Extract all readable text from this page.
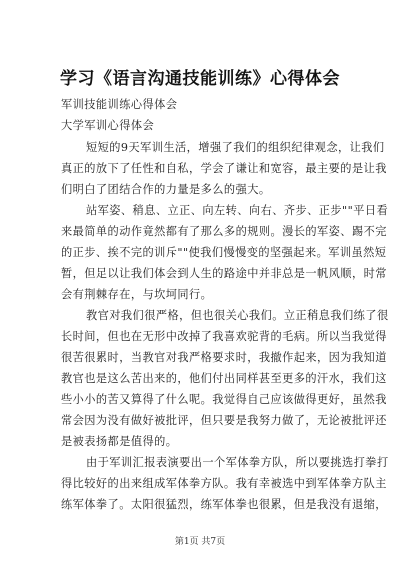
学习《语言沟通技能训练》心得体会
军训技能训练心得体会
大学军训心得体会
短短的9天军训生活，增强了我们的组织纪律观念，让我们
真正的放下了任性和自私，学会了谦让和宽容，最主要的是让我
们明白了团结合作的力量是多么的强大。
站军姿、稍息、立正、向左转、向右、齐步、正步""平日看
来最简单的动作竟然都有了那么多的规则。漫长的军姿、踢不完
的正步、挨不完的训斥""使我们慢慢变的坚强起来。军训虽然短
暂，但足以让我们体会到人生的路途中并非总是一帆风顺，时常
会有荆棘存在，与坎坷同行。
教官对我们很严格，但也很关心我们。立正稍息我们练了很
长时间，但也在无形中改掉了我喜欢驼背的毛病。所以当我觉得
很苦很累时，当教官对我严格要求时，我撤作起来，因为我知道
教官也是这么苦出来的，他们付出同样甚至更多的汗水，我们这
些小小的苦又算得了什么呢。我觉得自己应该做得更好，虽然我
常会因为没有做好被批评，但只要是我努力做了，无论被批评还
是被表扬都是值得的。
由于军训汇报表演要出一个军体拳方队，所以要挑选打拳打
得比较好的出来组成军体拳方队。我有幸被选中到军体拳方队主
练军体拳了。太阳很猛烈，练军体拳也很累，但是我没有退缩，
第1页 共7页
